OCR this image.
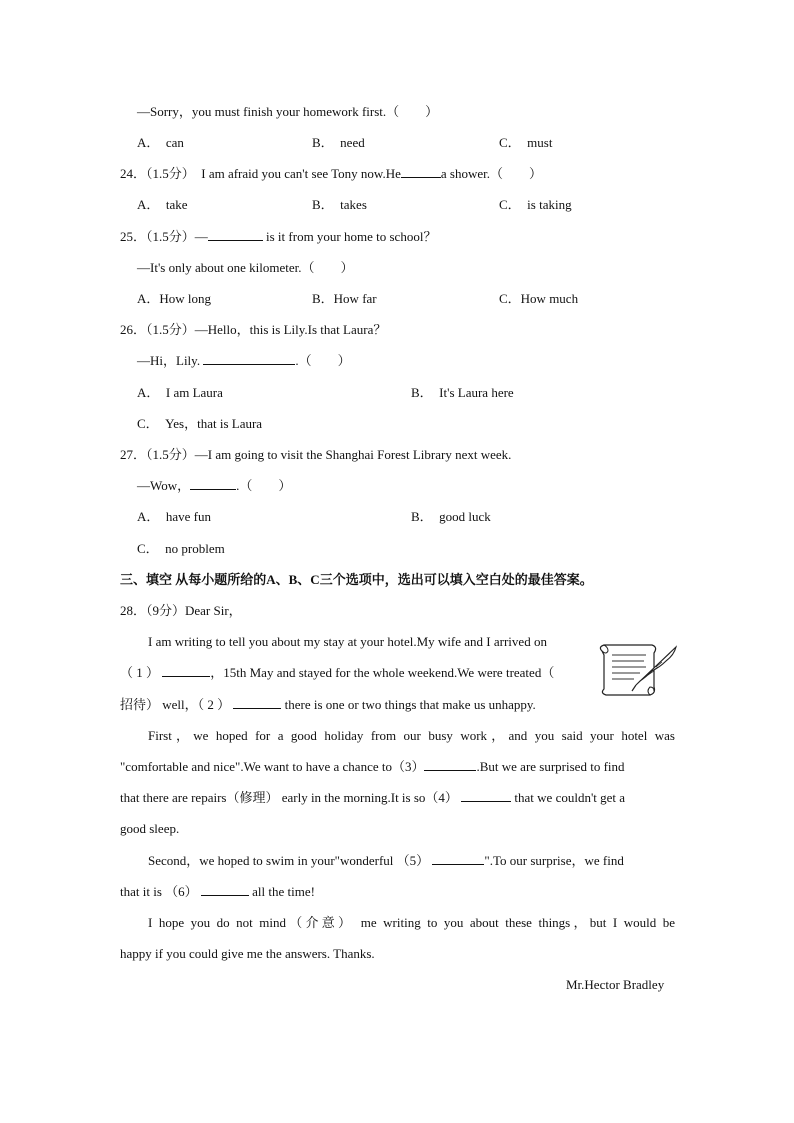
—Sorry，you must finish your homework first.（　　）
A．　can	B．　need	C．　must
24．（1.5分）　I am afraid you can't see Tony now.He	a shower.（　　）
A．　take	B．　takes	C．　is taking
25．（1.5分）—	is it from your home to school？
—It's only about one kilometer.（　　）
A．How long	B．How far	C．How much
26．（1.5分）—Hello，this is Lily.Is that Laura？
—Hi，Lily.	.（　　）
A．　I am Laura	B．　It's Laura here
C．　Yes，that is Laura
27．（1.5分）—I am going to visit the Shanghai Forest Library next week.
—Wow，	.（　　）
A．　have fun	B．　good luck
C．　no problem
三、填空 从每小题所给的A、B、C三个选项中，选出可以填入空白处的最佳答案。
28．（9分）Dear Sir，
I am writing to tell you about my stay at your hotel.My wife and I arrived on
（ 1 ）	，15th May and stayed for the whole weekend.We were treated（
招待） well，（ 2 ）	there is one or two things that make us unhappy.
First，we hoped for a good holiday from our busy work，and you said your hotel was
"comfortable and nice".We want to have a chance to（3）	.But we are surprised to find
that there are repairs（修理） early in the morning.It is so（4）	that we couldn't get a
good sleep.
Second，we hoped to swim in your"wonderful （5）	".To our surprise，we find
that it is （6）	all the time!
I hope you do not mind（介意） me writing to you about these things，but I would be
happy if you could give me the answers. Thanks.
Mr.Hector Bradley
